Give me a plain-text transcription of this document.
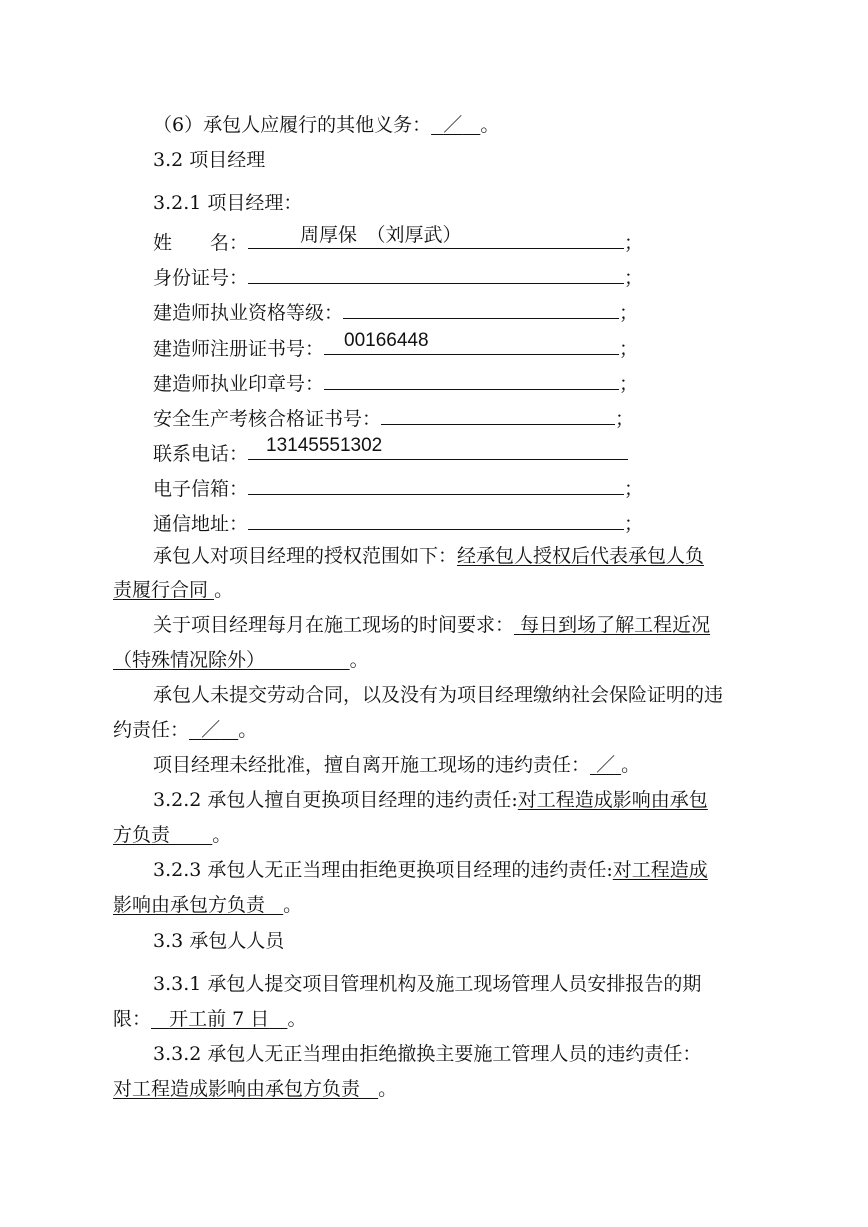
（6）承包人应履行的其他义务： ／ 。
3.2 项目经理
3.2.1 项目经理：
姓　　名：	周厚保　（刘厚武）	；
身份证号：	；
建造师执业资格等级：	；
建造师注册证书号： 00166448	；
建造师执业印章号：	；
安全生产考核合格证书号：	；
联系电话： 13145551302
电子信箱：	；
通信地址：	；
承包人对项目经理的授权范围如下：经承包人授权后代表承包人负
责履行合同 。
关于项目经理每月在施工现场的时间要求： 每日到场了解工程近况
（特殊情况除外）	。
承包人未提交劳动合同，以及没有为项目经理缴纳社会保险证明的违
约责任： ／ 。
项目经理未经批准，擅自离开施工现场的违约责任： ／ 。
3.2.2 承包人擅自更换项目经理的违约责任:对工程造成影响由承包
方负责 。
3.2.3 承包人无正当理由拒绝更换项目经理的违约责任:对工程造成
影响由承包方负责 。
3.3 承包人人员
3.3.1 承包人提交项目管理机构及施工现场管理人员安排报告的期
限： 开工前 7 日 。
3.3.2 承包人无正当理由拒绝撤换主要施工管理人员的违约责任：
对工程造成影响由承包方负责 。
